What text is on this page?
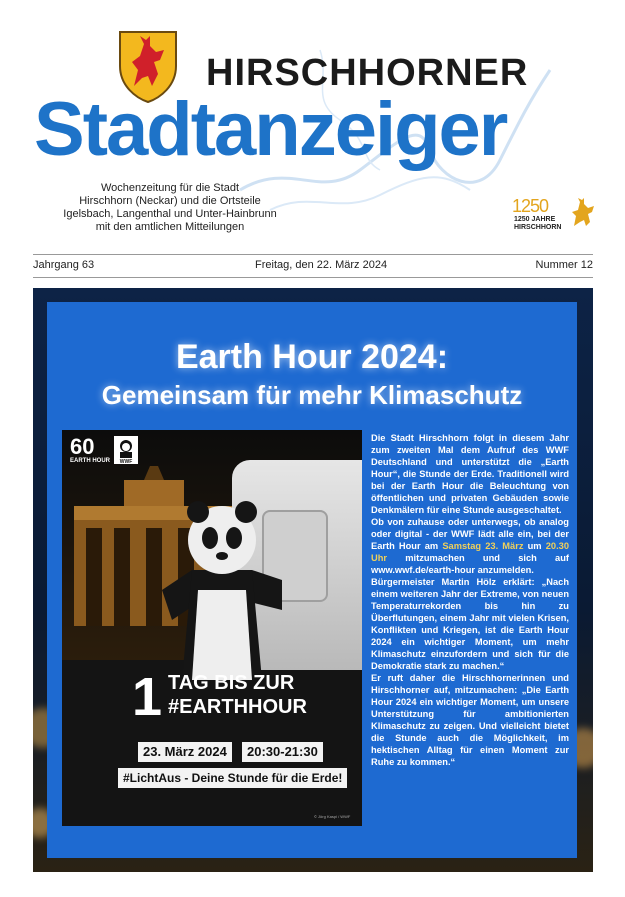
HIRSCHHORNER
Stadtanzeiger
Wochenzeitung für die Stadt
Hirschhorn (Neckar) und die Ortsteile
Igelsbach, Langenthal und Unter-Hainbrunn
mit den amtlichen Mitteilungen
1250
1250 JAHRE
HIRSCHHORN
Jahrgang 63	Freitag, den 22. März 2024	Nummer 12
Earth Hour 2024:
Gemeinsam für mehr Klimaschutz
60
EARTH HOUR WWF
1 TAG BIS ZUR
#EARTHHOUR
23. März 2024	20:30-21:30
#LichtAus - Deine Stunde für die Erde!
© Jörg Kaspi / WWF

Die Stadt Hirschhorn folgt in diesem Jahr zum zweiten Mal dem Aufruf des WWF Deutschland und unterstützt die „Earth Hour“, die Stunde der Erde. Traditionell wird bei der Earth Hour die Beleuchtung von öffentlichen und privaten Gebäuden sowie Denkmälern für eine Stunde ausgeschaltet.

Ob von zuhause oder unterwegs, ob analog oder digital - der WWF lädt alle ein, bei der Earth Hour am Samstag 23. März um 20.30 Uhr mitzumachen und sich auf www.wwf.de/earth-hour anzumelden.

Bürgermeister Martin Hölz erklärt: „Nach einem weiteren Jahr der Extreme, von neuen Temperaturrekorden bis hin zu Überflutungen, einem Jahr mit vielen Krisen, Konflikten und Kriegen, ist die Earth Hour 2024 ein wichtiger Moment, um mehr Klimaschutz einzufordern und sich für die Demokratie stark zu machen.“

Er ruft daher die Hirschhornerinnen und Hirschhorner auf, mitzumachen: „Die Earth Hour 2024 ein wichtiger Moment, um unsere Unterstützung für ambitionierten Klimaschutz zu zeigen. Und vielleicht bietet die Stunde auch die Möglichkeit, im hektischen Alltag für einen Moment zur Ruhe zu kommen.“
